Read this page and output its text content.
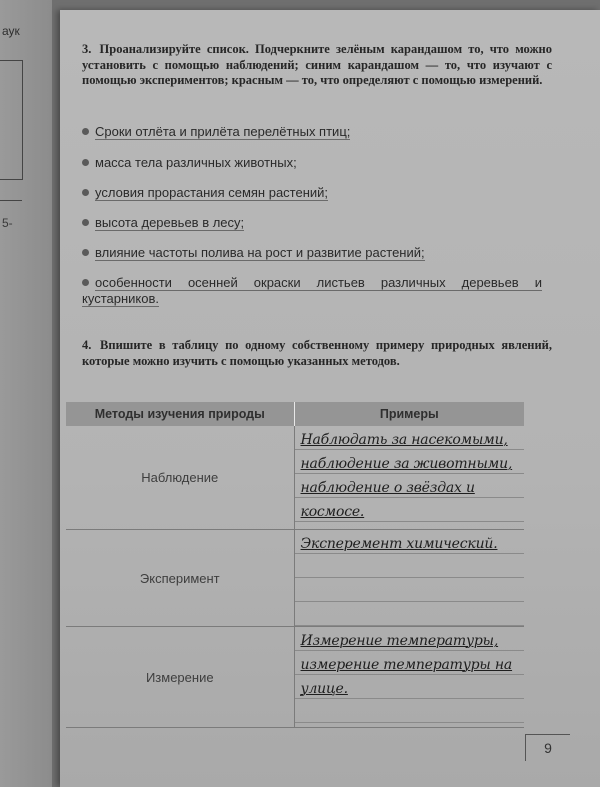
аук
5-
3. Проанализируйте список. Подчеркните зелёным карандашом то, что можно установить с помощью наблюдений; синим карандашом — то, что изучают с помощью экспериментов; красным — то, что определяют с помощью измерений.
Сроки отлёта и прилёта перелётных птиц;
масса тела различных животных;
условия прорастания семян растений;
высота деревьев в лесу;
влияние частоты полива на рост и развитие растений;
особенности осенней окраски листьев различных деревьев и кустарников.
4. Впишите в таблицу по одному собственному примеру природных явлений, которые можно изучить с помощью указанных методов.
Методы изучения природы	Примеры
Наблюдение	Наблюдать за насекомыми,
наблюдение за животными,
наблюдение о звёздах и
космосе.

Эксперимент	Эксперемент химический.

Измерение	Измерение температуры,
измерение температуры на
улице.
9
